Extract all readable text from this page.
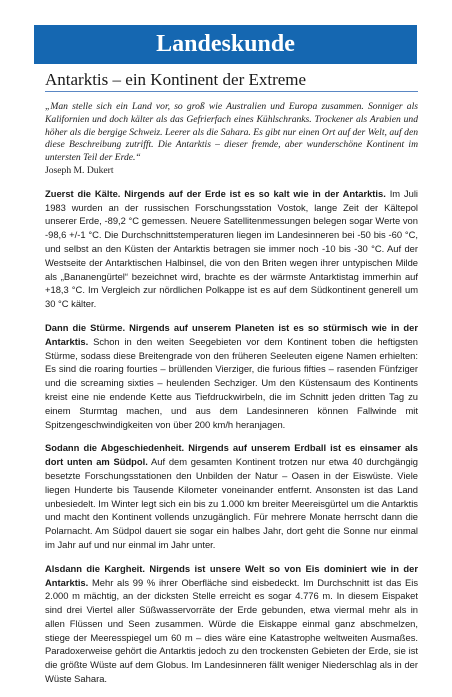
Landeskunde
Antarktis – ein Kontinent der Extreme

„Man stelle sich ein Land vor, so groß wie Australien und Europa zusammen. Sonniger als Kalifornien und doch kälter als das Gefrierfach eines Kühlschranks. Trockener als Arabien und höher als die bergige Schweiz. Leerer als die Sahara. Es gibt nur einen Ort auf der Welt, auf den diese Beschreibung zutrifft. Die Antarktis – dieser fremde, aber wunderschöne Kontinent im untersten Teil der Erde.“

Joseph M. Dukert

Zuerst die Kälte. Nirgends auf der Erde ist es so kalt wie in der Antarktis. Im Juli 1983 wurden an der russischen Forschungsstation Vostok, lange Zeit der Kältepol unserer Erde, -89,2 °C gemessen. Neuere Satellitenmessungen belegen sogar Werte von -98,6 +/-1 °C. Die Durchschnittstemperaturen liegen im Landesinneren bei -50 bis -60 °C, und selbst an den Küsten der Antarktis betragen sie immer noch -10 bis -30 °C. Auf der Westseite der Antarktischen Halbinsel, die von den Briten wegen ihrer untypischen Milde als „Bananengürtel“ bezeichnet wird, brachte es der wärmste Antarktistag immerhin auf +18,3 °C. Im Vergleich zur nördlichen Polkappe ist es auf dem Südkontinent generell um 30 °C kälter.

Dann die Stürme. Nirgends auf unserem Planeten ist es so stürmisch wie in der Antarktis. Schon in den weiten Seegebieten vor dem Kontinent toben die heftigsten Stürme, sodass diese Breitengrade von den früheren Seeleuten eigene Namen erhielten: Es sind die roaring fourties – brüllenden Vierziger, die furious fifties – rasenden Fünfziger und die screaming sixties – heulenden Sechziger. Um den Küstensaum des Kontinents kreist eine nie endende Kette aus Tiefdruckwirbeln, die im Schnitt jeden dritten Tag zu einem Sturmtag machen, und aus dem Landesinneren können Fallwinde mit Spitzengeschwindigkeiten von über 200 km/h heranjagen.

Sodann die Abgeschiedenheit. Nirgends auf unserem Erdball ist es einsamer als dort unten am Südpol. Auf dem gesamten Kontinent trotzen nur etwa 40 durchgängig besetzte Forschungsstationen den Unbilden der Natur – Oasen in der Eiswüste. Viele liegen Hunderte bis Tausende Kilometer voneinander entfernt. Ansonsten ist das Land unbesiedelt. Im Winter legt sich ein bis zu 1.000 km breiter Meereisgürtel um die Antarktis und macht den Kontinent vollends unzugänglich. Für mehrere Monate herrscht dann die Polarnacht. Am Südpol dauert sie sogar ein halbes Jahr, dort geht die Sonne nur einmal im Jahr auf und nur einmal im Jahr unter.

Alsdann die Kargheit. Nirgends ist unsere Welt so von Eis dominiert wie in der Antarktis. Mehr als 99 % ihrer Oberfläche sind eisbedeckt. Im Durchschnitt ist das Eis 2.000 m mächtig, an der dicksten Stelle erreicht es sogar 4.776 m. In diesem Eispaket sind drei Viertel aller Süßwasservorräte der Erde gebunden, etwa viermal mehr als in allen Flüssen und Seen zusammen. Würde die Eiskappe einmal ganz abschmelzen, stiege der Meeresspiegel um 60 m – dies wäre eine Katastrophe weltweiten Ausmaßes. Paradoxerweise gehört die Antarktis jedoch zu den trockensten Gebieten der Erde, sie ist die größte Wüste auf dem Globus. Im Landesinneren fällt weniger Niederschlag als in der Wüste Sahara.
